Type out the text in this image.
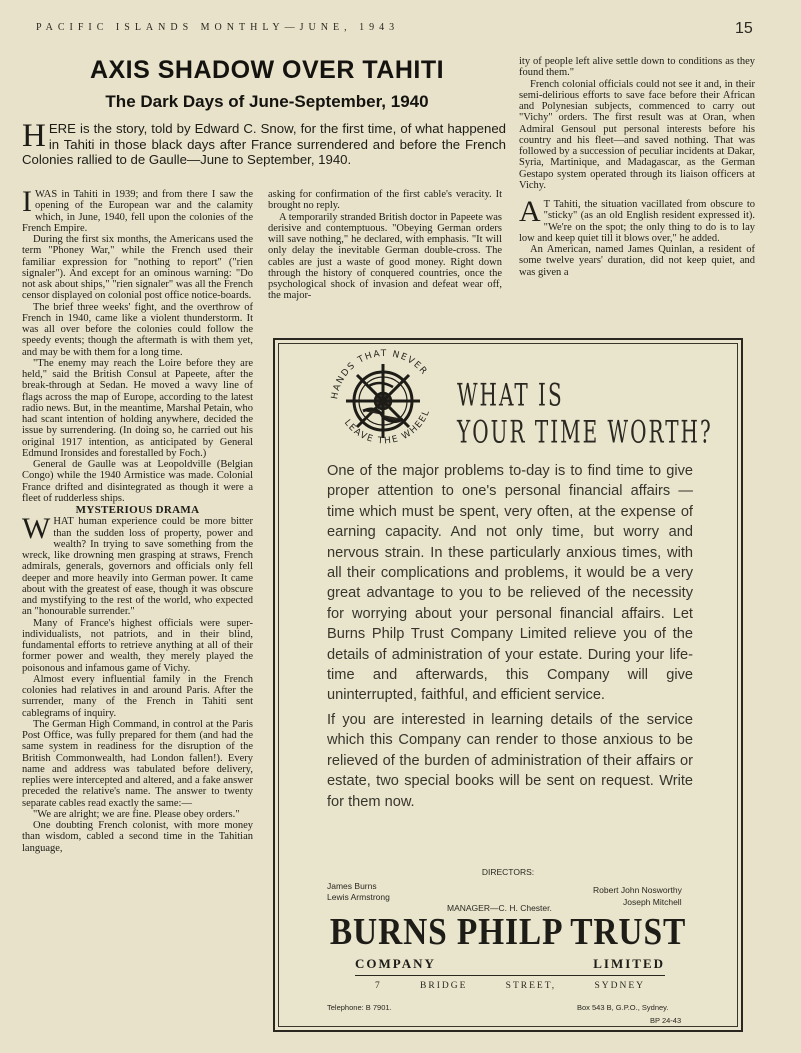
PACIFIC ISLANDS MONTHLY—JUNE, 1943	15
AXIS SHADOW OVER TAHITI
The Dark Days of June-September, 1940
HERE is the story, told by Edward C. Snow, for the first time, of what happened in Tahiti in those black days after France surrendered and before the French Colonies rallied to de Gaulle—June to September, 1940.

IWAS in Tahiti in 1939; and from there I saw the opening of the European war and the calamity which, in June, 1940, fell upon the colonies of the French Empire.

During the first six months, the Americans used the term "Phoney War," while the French used their familiar expression for "nothing to report" ("rien signaler"). And except for an ominous warning: "Do not ask about ships," "rien signaler" was all the French censor displayed on colonial post office notice-boards.

The brief three weeks' fight, and the overthrow of French in 1940, came like a violent thunderstorm. It was all over before the colonies could follow the speedy events; though the aftermath is with them yet, and may be with them for a long time.

"The enemy may reach the Loire before they are held," said the British Consul at Papeete, after the break-through at Sedan. He moved a wavy line of flags across the map of Europe, according to the latest radio news. But, in the meantime, Marshal Petain, who had scant intention of holding anywhere, decided the issue by surrendering. (In doing so, he carried out his original 1917 intention, as anticipated by General Edmund Ironsides and forestalled by Foch.)

General de Gaulle was at Leopoldville (Belgian Congo) while the 1940 Armistice was made. Colonial France drifted and disintegrated as though it were a fleet of rudderless ships.

MYSTERIOUS DRAMA

WHAT human experience could be more bitter than the sudden loss of property, power and wealth? In trying to save something from the wreck, like drowning men grasping at straws, French admirals, generals, governors and officials only fell deeper and more heavily into German power. It came about with the greatest of ease, though it was obscure and mystifying to the rest of the world, who expected an "honourable surrender."

Many of France's highest officials were super-individualists, not patriots, and in their blind, fundamental efforts to retrieve anything at all of their former power and wealth, they merely played the poisonous and infamous game of Vichy.

Almost every influential family in the French colonies had relatives in and around Paris. After the surrender, many of the French in Tahiti sent cablegrams of inquiry.

The German High Command, in control at the Paris Post Office, was fully prepared for them (and had the same system in readiness for the disruption of the British Commonwealth, had London fallen!). Every name and address was tabulated before delivery, replies were intercepted and altered, and a fake answer preceded the relative's name. The answer to twenty separate cables read exactly the same:—

"We are alright; we are fine. Please obey orders."

One doubting French colonist, with more money than wisdom, cabled a second time in the Tahitian language,

asking for confirmation of the first cable's veracity. It brought no reply.

A temporarily stranded British doctor in Papeete was derisive and contemptuous. "Obeying German orders will save nothing," he declared, with emphasis. "It will only delay the inevitable German double-cross. The cables are just a waste of good money. Right down through the history of conquered countries, once the psychological shock of invasion and defeat wear off, the major-

ity of people left alive settle down to conditions as they found them."

French colonial officials could not see it and, in their semi-delirious efforts to save face before their African and Polynesian subjects, commenced to carry out "Vichy" orders. The first result was at Oran, when Admiral Gensoul put personal interests before his country and his fleet—and saved nothing. That was followed by a succession of peculiar incidents at Dakar, Syria, Martinique, and Madagascar, as the German Gestapo system operated through its liaison officers at Vichy.

A T Tahiti, the situation vacillated from obscure to "sticky" (as an old English resident expressed it). "We're on the spot; the only thing to do is to lay low and keep quiet till it blows over," he added.

An American, named James Quinlan, a resident of some twelve years' duration, did not keep quiet, and was given a

HANDS THAT NEVER
LEAVE THE WHEEL WHAT IS
YOUR TIME WORTH?

One of the major problems to-day is to find time to give proper attention to one's personal financial affairs — time which must be spent, very often, at the expense of earning capacity. And not only time, but worry and nervous strain. In these particularly anxious times, with all their complications and problems, it would be a very great advantage to you to be relieved of the necessity for worrying about your personal financial affairs. Let Burns Philp Trust Company Limited relieve you of the details of administration of your estate. During your life-time and afterwards, this Company will give uninterrupted, faithful, and efficient service.

If you are interested in learning details of the service which this Company can render to those anxious to be relieved of the burden of administration of their affairs or estate, two special books will be sent on request. Write for them now.

DIRECTORS:
James Burns
Lewis Armstrong
Robert John Nosworthy
Joseph Mitchell
MANAGER—C. H. Chester.
BURNS PHILP TRUST
COMPANY LIMITED
7 BRIDGE STREET, SYDNEY
Telephone: B 7901.	Box 543 B, G.P.O., Sydney.
BP 24-43
